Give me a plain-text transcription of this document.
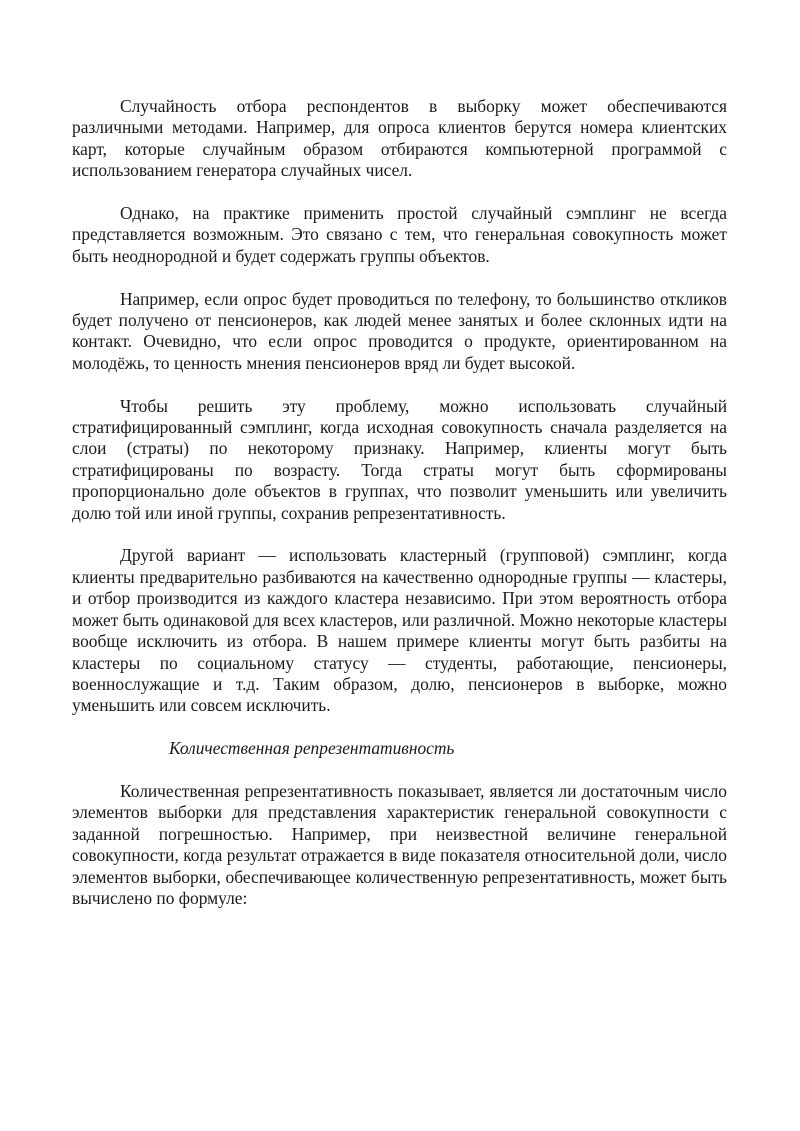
Случайность отбора респондентов в выборку может обеспечиваются различными методами. Например, для опроса клиентов берутся номера клиентских карт, которые случайным образом отбираются компьютерной программой с использованием генератора случайных чисел.

Однако, на практике применить простой случайный сэмплинг не всегда представляется возможным. Это связано с тем, что генеральная совокупность может быть неоднородной и будет содержать группы объектов.

Например, если опрос будет проводиться по телефону, то большинство откликов будет получено от пенсионеров, как людей менее занятых и более склонных идти на контакт. Очевидно, что если опрос проводится о продукте, ориентированном на молодёжь, то ценность мнения пенсионеров вряд ли будет высокой.

Чтобы решить эту проблему, можно использовать случайный стратифицированный сэмплинг, когда исходная совокупность сначала разделяется на слои (страты) по некоторому признаку. Например, клиенты могут быть стратифицированы по возрасту. Тогда страты могут быть сформированы пропорционально доле объектов в группах, что позволит уменьшить или увеличить долю той или иной группы, сохранив репрезентативность.

Другой вариант — использовать кластерный (групповой) сэмплинг, когда клиенты предварительно разбиваются на качественно однородные группы — кластеры, и отбор производится из каждого кластера независимо. При этом вероятность отбора может быть одинаковой для всех кластеров, или различной. Можно некоторые кластеры вообще исключить из отбора. В нашем примере клиенты могут быть разбиты на кластеры по социальному статусу — студенты, работающие, пенсионеры, военнослужащие и т.д. Таким образом, долю, пенсионеров в выборке, можно уменьшить или совсем исключить.

Количественная репрезентативность

Количественная репрезентативность показывает, является ли достаточным число элементов выборки для представления характеристик генеральной совокупности с заданной погрешностью. Например, при неизвестной величине генеральной совокупности, когда результат отражается в виде показателя относительной доли, число элементов выборки, обеспечивающее количественную репрезентативность, может быть вычислено по формуле:
